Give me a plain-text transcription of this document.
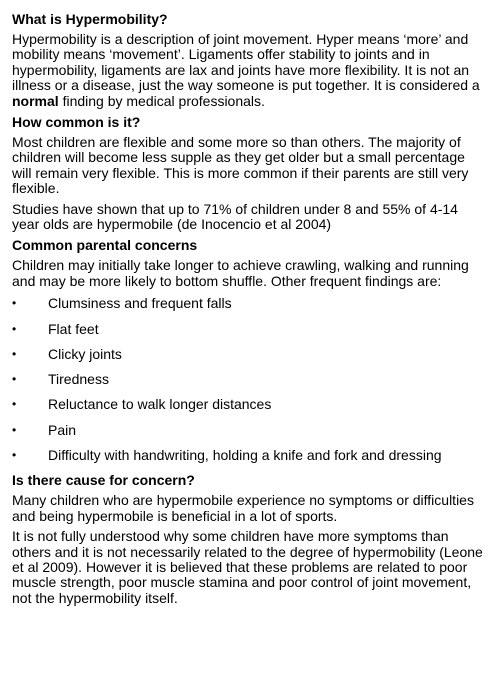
What is Hypermobility?

Hypermobility is a description of joint movement. Hyper means ‘more’ and mobility means ‘movement’. Ligaments offer stability to joints and in hypermobility, ligaments are lax and joints have more flexibility. It is not an illness or a disease, just the way someone is put together. It is considered a normal finding by medical professionals.

How common is it?

Most children are flexible and some more so than others. The majority of children will become less supple as they get older but a small percentage will remain very flexible. This is more common if their parents are still very flexible.

Studies have shown that up to 71% of children under 8 and 55% of 4-14 year olds are hypermobile (de Inocencio et al 2004)

Common parental concerns

Children may initially take longer to achieve crawling, walking and running and may be more likely to bottom shuffle. Other frequent findings are:

•	Clumsiness and frequent falls
•	Flat feet
•	Clicky joints
•	Tiredness
•	Reluctance to walk longer distances
•	Pain
•	Difficulty with handwriting, holding a knife and fork and dressing
Is there cause for concern?

Many children who are hypermobile experience no symptoms or difficulties and being hypermobile is beneficial in a lot of sports.

It is not fully understood why some children have more symptoms than others and it is not necessarily related to the degree of hypermobility (Leone et al 2009). However it is believed that these problems are related to poor muscle strength, poor muscle stamina and poor control of joint movement, not the hypermobility itself.
